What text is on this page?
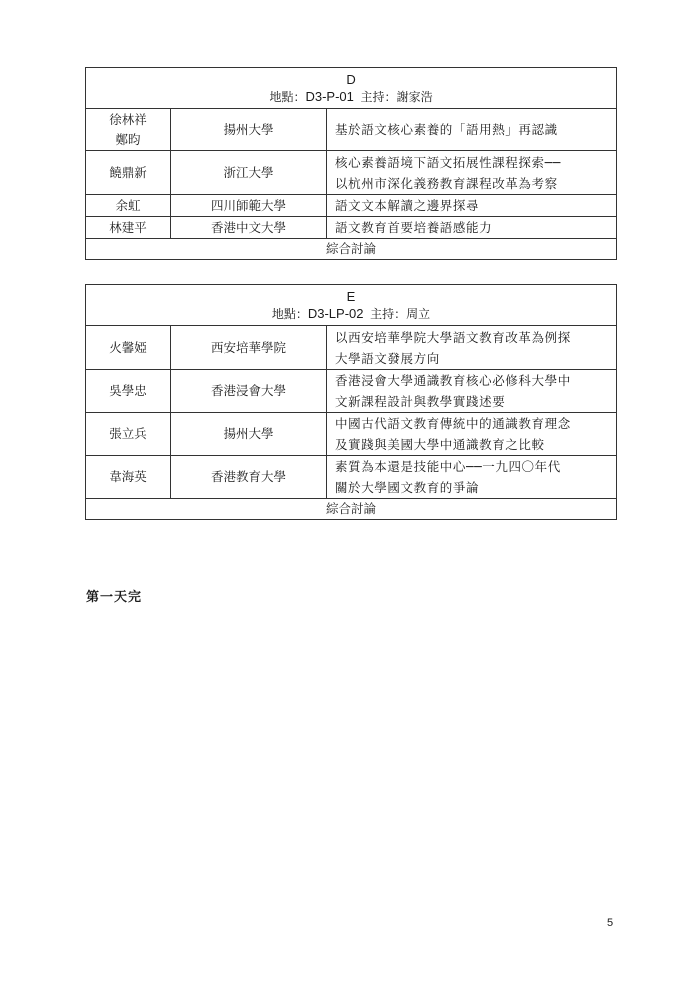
D
地點：D3-P-01 主持：謝家浩		

徐林祥
鄭昀	揚州大學	基於語文核心素養的「語用熱」再認識

饒鼎新	浙江大學	核心素養語境下語文拓展性課程探索──
以杭州市深化義務教育課程改革為考察

余虹	四川師範大學	語文文本解讀之邊界探尋

林建平	香港中文大學	語文教育首要培養語感能力

綜合討論		
E
地點：D3-LP-02 主持：周立		

火馨婭	西安培華學院	以西安培華學院大學語文教育改革為例探
大學語文發展方向

吳學忠	香港浸會大學	香港浸會大學通識教育核心必修科大學中
文新課程設計與教學實踐述要

張立兵	揚州大學	中國古代語文教育傳統中的通識教育理念
及實踐與美國大學中通識教育之比較

韋海英	香港教育大學	素質為本還是技能中心──一九四〇年代
關於大學國文教育的爭論

綜合討論		
第一天完
5
